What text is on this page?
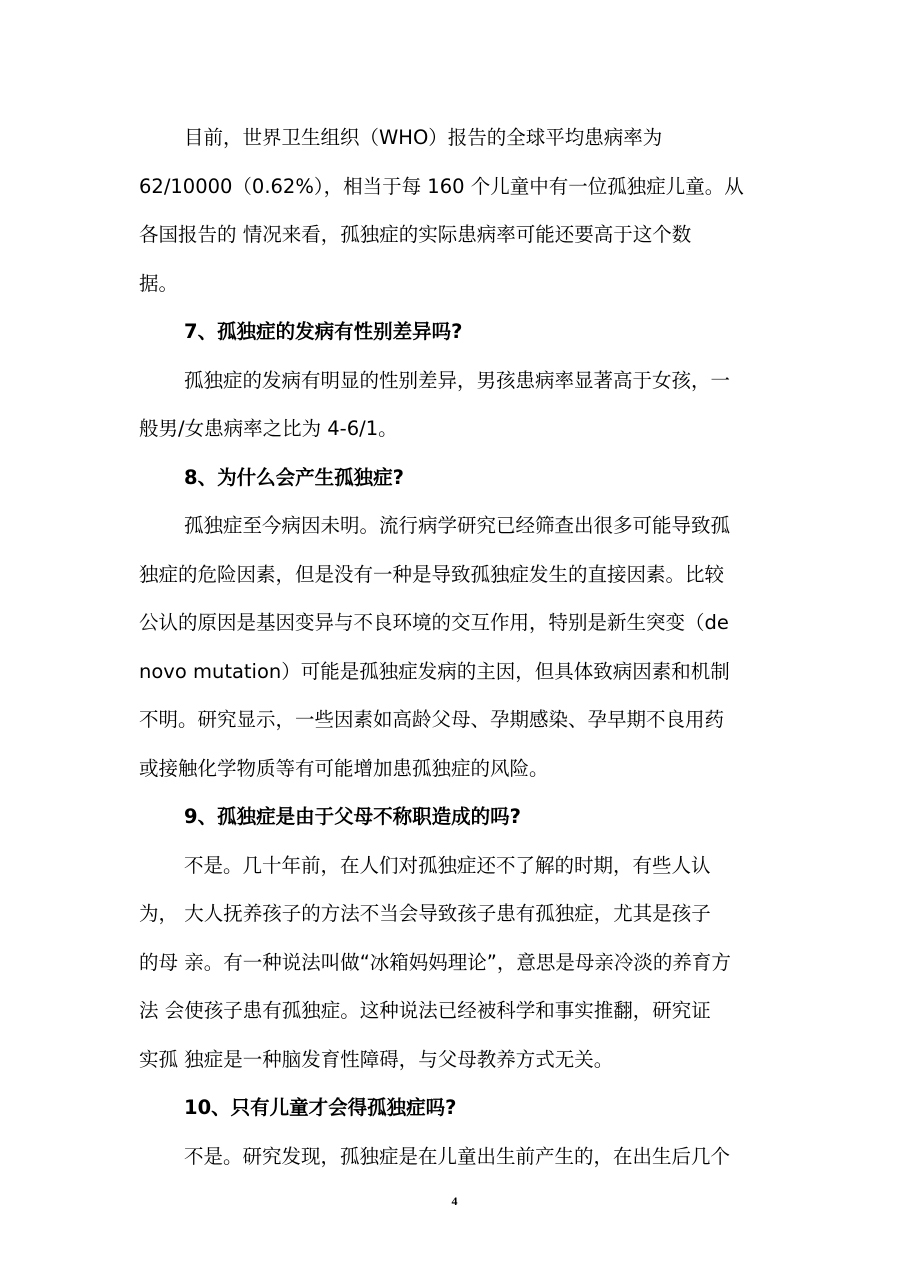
目前，世界卫生组织（WHO）报告的全球平均患病率为
62/10000（0.62%），相当于每 160 个儿童中有一位孤独症儿童。从
各国报告的 情况来看，孤独症的实际患病率可能还要高于这个数
据。
7、孤独症的发病有性别差异吗?
孤独症的发病有明显的性别差异，男孩患病率显著高于女孩，一
般男/女患病率之比为 4-6/1。
8、为什么会产生孤独症?
孤独症至今病因未明。流行病学研究已经筛查出很多可能导致孤
独症的危险因素，但是没有一种是导致孤独症发生的直接因素。比较
公认的原因是基因变异与不良环境的交互作用，特别是新生突变（de
novo mutation）可能是孤独症发病的主因，但具体致病因素和机制
不明。研究显示，一些因素如高龄父母、孕期感染、孕早期不良用药
或接触化学物质等有可能增加患孤独症的风险。
9、孤独症是由于父母不称职造成的吗?
不是。几十年前，在人们对孤独症还不了解的时期，有些人认
为， 大人抚养孩子的方法不当会导致孩子患有孤独症，尤其是孩子
的母 亲。有一种说法叫做“冰箱妈妈理论”，意思是母亲冷淡的养育方
法 会使孩子患有孤独症。这种说法已经被科学和事实推翻，研究证
实孤 独症是一种脑发育性障碍，与父母教养方式无关。
10、只有儿童才会得孤独症吗?
不是。研究发现，孤独症是在儿童出生前产生的，在出生后几个
4
